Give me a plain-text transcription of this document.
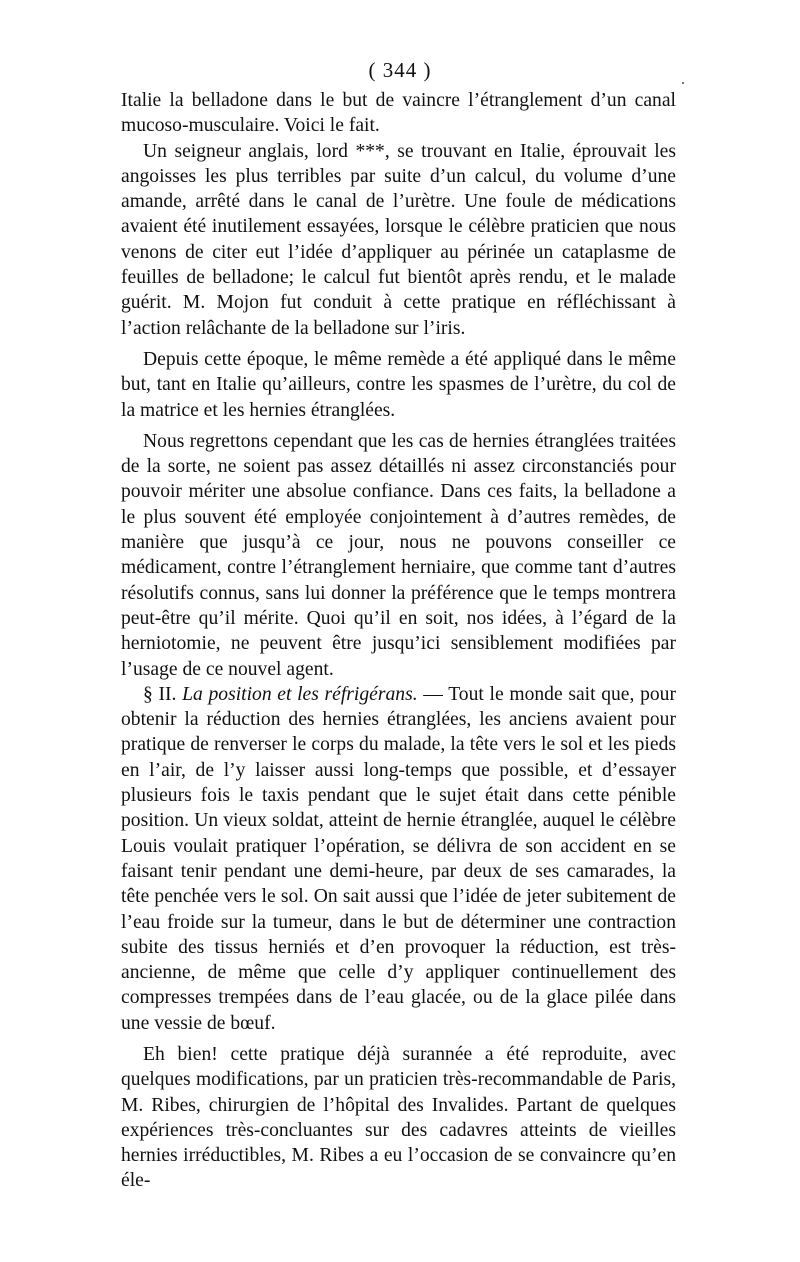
( 344 )

Italie la belladone dans le but de vaincre l’étranglement d’un canal mucoso-musculaire. Voici le fait.

Un seigneur anglais, lord ***, se trouvant en Italie, éprouvait les angoisses les plus terribles par suite d’un calcul, du volume d’une amande, arrêté dans le canal de l’urètre. Une foule de médications avaient été inutilement essayées, lorsque le célèbre praticien que nous venons de citer eut l’idée d’appliquer au périnée un cataplasme de feuilles de belladone; le calcul fut bientôt après rendu, et le malade guérit. M. Mojon fut conduit à cette pratique en réfléchissant à l’action relâchante de la belladone sur l’iris.

Depuis cette époque, le même remède a été appliqué dans le même but, tant en Italie qu’ailleurs, contre les spasmes de l’urètre, du col de la matrice et les hernies étranglées.

Nous regrettons cependant que les cas de hernies étranglées traitées de la sorte, ne soient pas assez détaillés ni assez circonstanciés pour pouvoir mériter une absolue confiance. Dans ces faits, la belladone a le plus souvent été employée conjointement à d’autres remèdes, de manière que jusqu’à ce jour, nous ne pouvons conseiller ce médicament, contre l’étranglement herniaire, que comme tant d’autres résolutifs connus, sans lui donner la préférence que le temps montrera peut-être qu’il mérite. Quoi qu’il en soit, nos idées, à l’égard de la herniotomie, ne peuvent être jusqu’ici sensiblement modifiées par l’usage de ce nouvel agent.

§ II. La position et les réfrigérans. — Tout le monde sait que, pour obtenir la réduction des hernies étranglées, les anciens avaient pour pratique de renverser le corps du malade, la tête vers le sol et les pieds en l’air, de l’y laisser aussi long-temps que possible, et d’essayer plusieurs fois le taxis pendant que le sujet était dans cette pénible position. Un vieux soldat, atteint de hernie étranglée, auquel le célèbre Louis voulait pratiquer l’opération, se délivra de son accident en se faisant tenir pendant une demi-heure, par deux de ses camarades, la tête penchée vers le sol. On sait aussi que l’idée de jeter subitement de l’eau froide sur la tumeur, dans le but de déterminer une contraction subite des tissus herniés et d’en provoquer la réduction, est très-ancienne, de même que celle d’y appliquer continuellement des compresses trempées dans de l’eau glacée, ou de la glace pilée dans une vessie de bœuf.

Eh bien! cette pratique déjà surannée a été reproduite, avec quelques modifications, par un praticien très-recommandable de Paris, M. Ribes, chirurgien de l’hôpital des Invalides. Partant de quelques expériences très-concluantes sur des cadavres atteints de vieilles hernies irréductibles, M. Ribes a eu l’occasion de se convaincre qu’en éle-
